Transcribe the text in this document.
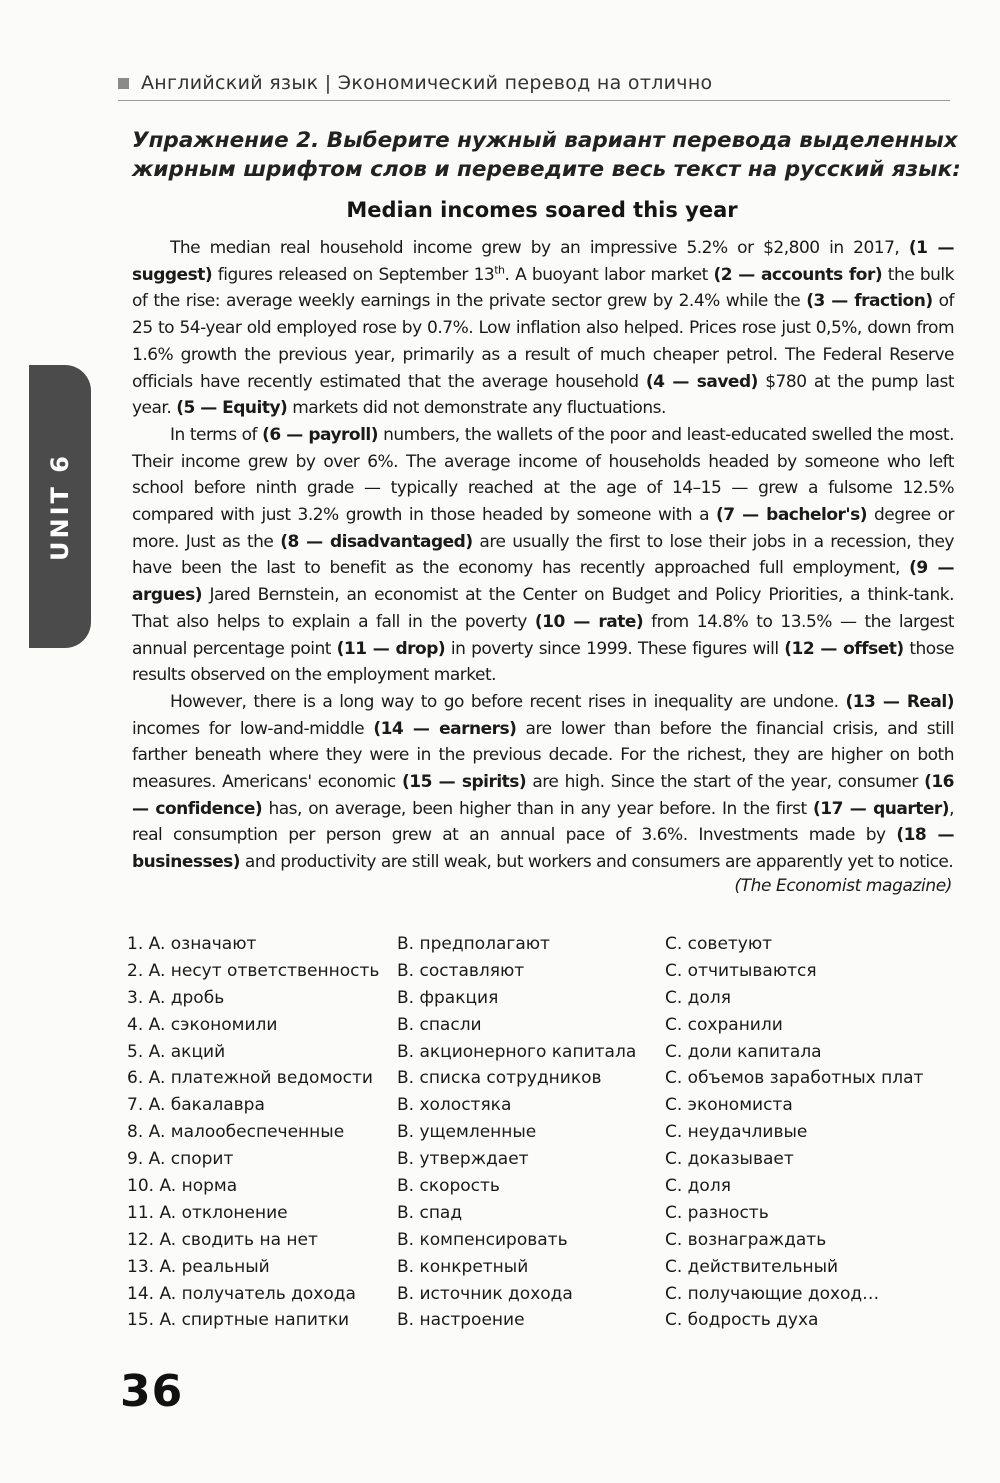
Английский язык | Экономический перевод на отлично
UNIT 6
Упражнение 2. Выберите нужный вариант перевода выделенных жирным шрифтом слов и переведите весь текст на русский язык:
Median incomes soared this year

The median real household income grew by an impressive 5.2% or $2,800 in 2017, (1 — suggest) figures released on September 13th. A buoyant labor market (2 — accounts for) the bulk of the rise: average weekly earnings in the private sector grew by 2.4% while the (3 — fraction) of 25 to 54-year old employed rose by 0.7%. Low inflation also helped. Prices rose just 0,5%, down from 1.6% growth the previous year, primarily as a result of much cheaper petrol. The Federal Reserve officials have recently estimated that the average household (4 — saved) $780 at the pump last year. (5 — Equity) markets did not demonstrate any fluctuations.

In terms of (6 — payroll) numbers, the wallets of the poor and least-educated swelled the most. Their income grew by over 6%. The average income of households headed by someone who left school before ninth grade — typically reached at the age of 14–15 — grew a fulsome 12.5% compared with just 3.2% growth in those headed by someone with a (7 — bachelor's) degree or more. Just as the (8 — disadvantaged) are usually the first to lose their jobs in a recession, they have been the last to benefit as the economy has recently approached full employment, (9 — argues) Jared Bernstein, an economist at the Center on Budget and Policy Priorities, a think-tank. That also helps to explain a fall in the poverty (10 — rate) from 14.8% to 13.5% — the largest annual percentage point (11 — drop) in poverty since 1999. These figures will (12 — offset) those results observed on the employment market.

However, there is a long way to go before recent rises in inequality are undone. (13 — Real) incomes for low-and-middle (14 — earners) are lower than before the financial crisis, and still farther beneath where they were in the previous decade. For the richest, they are higher on both measures. Americans' economic (15 — spirits) are high. Since the start of the year, consumer (16 — confidence) has, on average, been higher than in any year before. In the first (17 — quarter), real consumption per person grew at an annual pace of 3.6%. Investments made by (18 — businesses) and productivity are still weak, but workers and consumers are apparently yet to notice.

(The Economist magazine)
1. A. означают	B. предполагают	C. советуют
2. A. несут ответственность	B. составляют	C. отчитываются
3. A. дробь	B. фракция	C. доля
4. A. сэкономили	B. спасли	C. сохранили
5. A. акций	B. акционерного капитала	C. доли капитала
6. A. платежной ведомости	B. списка сотрудников	C. объемов заработных плат
7. A. бакалавра	B. холостяка	C. экономиста
8. A. малообеспеченные	B. ущемленные	C. неудачливые
9. A. спорит	B. утверждает	C. доказывает
10. A. норма	B. скорость	C. доля
11. A. отклонение	B. спад	C. разность
12. A. сводить на нет	B. компенсировать	C. вознаграждать
13. A. реальный	B. конкретный	C. действительный
14. A. получатель дохода	B. источник дохода	C. получающие доход…
15. A. спиртные напитки	B. настроение	C. бодрость духа
36
